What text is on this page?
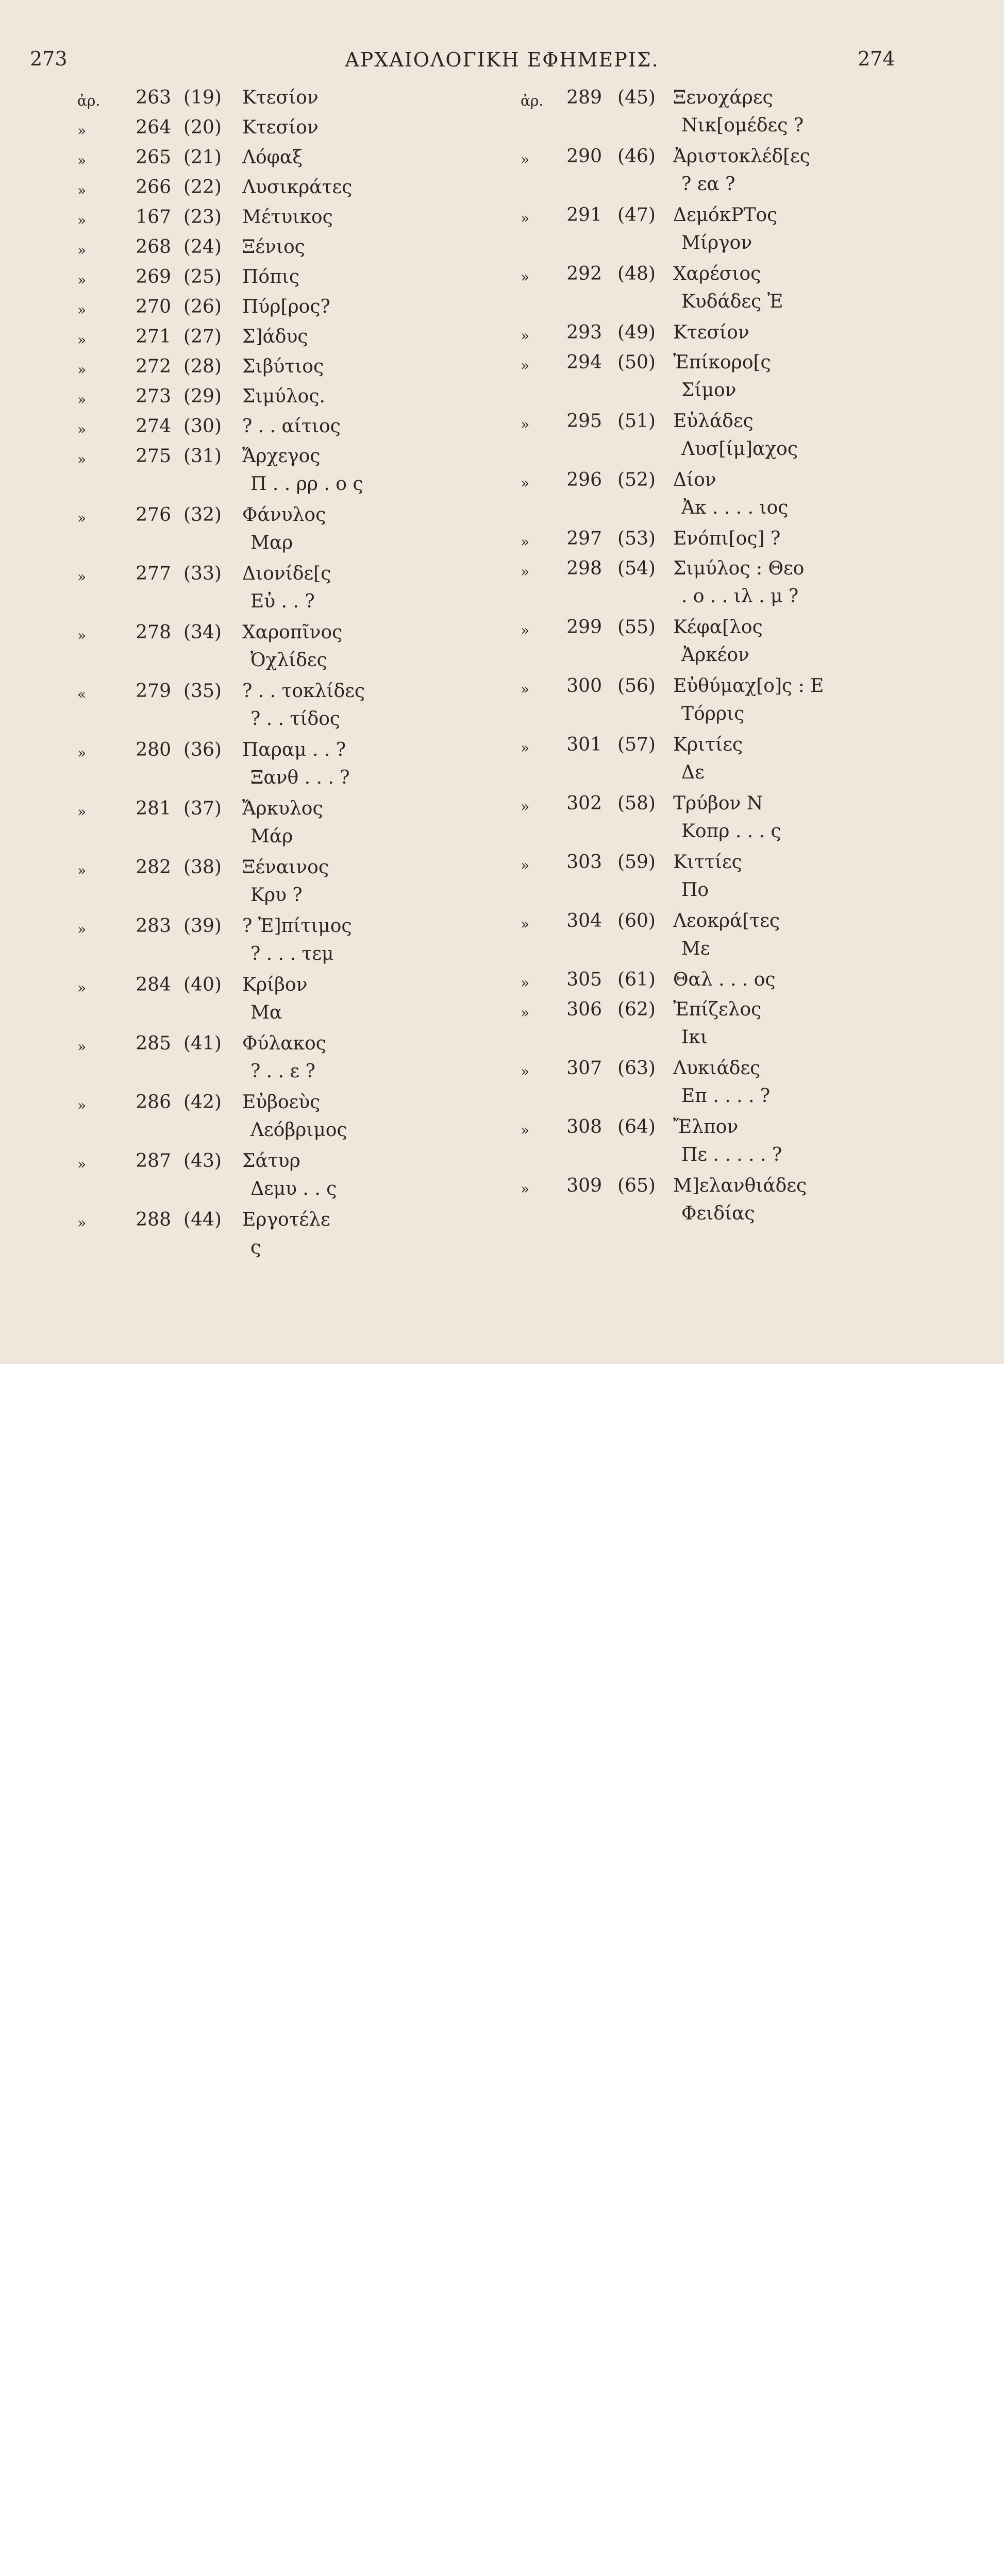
273	ΑΡΧΑΙΟΛΟΓΙΚΗ ΕΦΗΜΕΡΙΣ.	274
ἀρ.	263 (19)	Κτεσίον
»	264 (20)	Κτεσίον
»	265 (21)	Λόφαξ
»	266 (22)	Λυσικράτες
»	167 (23)	Μέτυικος
»	268 (24)	Ξένιος
»	269 (25)	Πόπις
»	270 (26)	Πύρ[ρος?
»	271 (27)	Σ]άδυς
»	272 (28)	Σιβύτιος
»	273 (29)	Σιμύλος.
»	274 (30)	? . . αίτιος
»	275 (31)	Ἄρχεγος
Π . . ρρ . ο ς
»	276 (32)	Φάνυλος
Μαρ
»	277 (33)	Διονίδε[ς
Εὐ . . ?
»	278 (34)	Χαροπῖνος
Ὀχλίδες
«	279 (35)	? . . τοκλίδες
? . . τίδος
»	280 (36)	Παραμ . . ?
Ξανθ . . . ?
»	281 (37)	Ἄρκυλος
Μάρ
»	282 (38)	Ξέναινος
Κρυ ?
»	283 (39)	? Ἐ]πίτιμος
? . . . τεμ
»	284 (40)	Κρίβον
Μα
»	285 (41)	Φύλακος
? . . ε ?
»	286 (42)	Εὐβοεὺς
Λεόβριμος
»	287 (43)	Σάτυρ
Δεμυ . . ς
»	288 (44)	Εργοτέλε
ς
ἀρ.	289 (45) Ξενοχάρες
Νικ[ομέδες ?
»	290 (46) Ἀριστοκλέδ[ες
? εα ?
»	291 (47) ΔεμόκΡΤος
Μίργον
»	292 (48) Χαρέσιος
Κυδάδες Ἐ
»	293 (49) Κτεσίον
»	294 (50) Ἐπίκορο[ς
Σίμον
»	295 (51) Εὐλάδες
Λυσ[ίμ]αχος
»	296 (52) Δίον
Ἀκ . . . . ιος
»	297 (53) Ενόπι[ος] ?
»	298 (54) Σιμύλος : Θεο
. ο . . ιλ . μ ?
»	299 (55) Κέφα[λος
Ἀρκέον
»	300 (56) Εὐθύμαχ[ο]ς : Ε
Τόρρις
»	301 (57) Κριτίες
Δε
»	302 (58) Τρύβον Ν
Κοπρ . . . ς
»	303 (59) Κιττίες
Πο
»	304 (60) Λεοκρά[τες
Με
»	305 (61) Θαλ . . . ος
»	306 (62) Ἐπίζελος
Ικι
»	307 (63) Λυκιάδες
Επ . . . . ?
»	308 (64) Ἔλπον
Πε . . . . . ?
»	309 (65) Μ]ελανθιάδες
Φειδίας
